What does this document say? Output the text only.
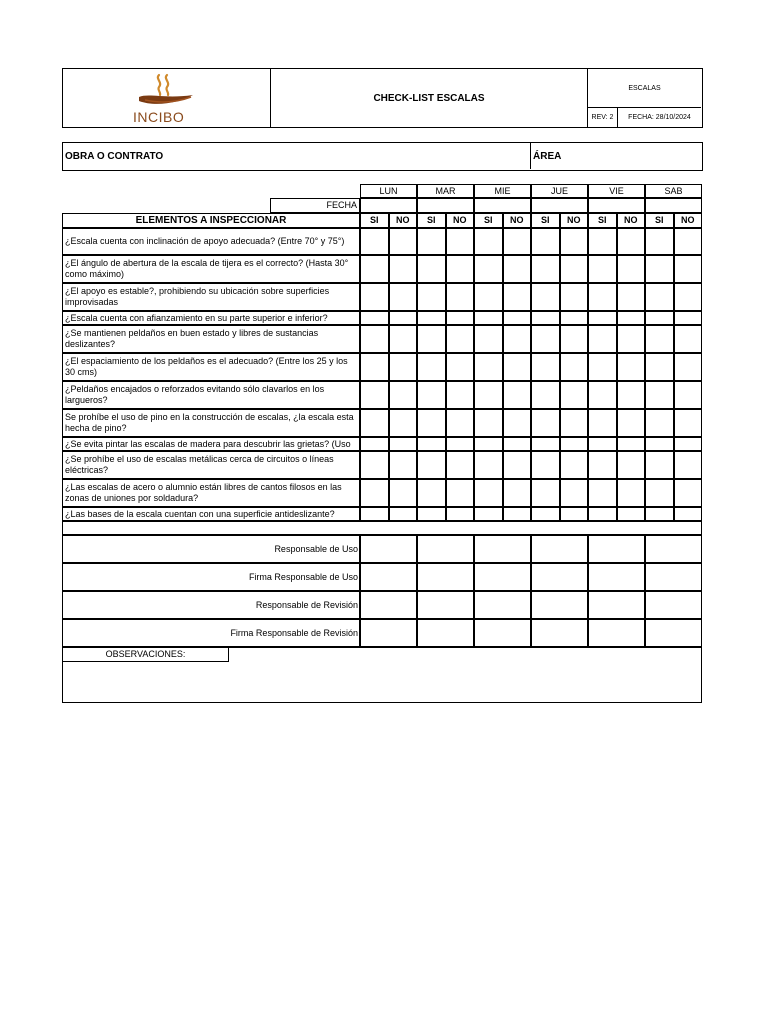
INCIBO
CHECK-LIST ESCALAS
ESCALAS
REV: 2	FECHA: 28/10/2024
OBRA O CONTRATO	ÁREA
LUN	MAR	MIE	JUE	VIE	SAB
FECHA
ELEMENTOS A INSPECCIONAR	SI	NO	SI	NO	SI	NO	SI	NO	SI	NO	SI	NO
¿Escala cuenta con inclinación de apoyo adecuada? (Entre 70° y 75°)
¿El ángulo de abertura de la escala de tijera es el correcto? (Hasta 30° como máximo)
¿El apoyo es estable?, prohibiendo su ubicación sobre superficies improvisadas
¿Escala cuenta con afianzamiento en su parte superior e inferior?
¿Se mantienen peldaños en buen estado y libres de sustancias deslizantes?
¿El espaciamiento de los peldaños es el adecuado? (Entre los 25 y los 30 cms)
¿Peldaños encajados o reforzados evitando sólo clavarlos en los largueros?
Se prohíbe el uso de pino en la construcción de escalas, ¿la escala esta hecha de pino?
¿Se evita pintar las escalas de madera para descubrir las grietas? (Uso
¿Se prohíbe el uso de escalas metálicas cerca de circuitos o líneas eléctricas?
¿Las escalas de acero o alumnio están libres de cantos filosos en las zonas de uniones por soldadura?
¿Las bases de la escala cuentan con una superficie antideslizante?
Responsable de Uso
Firma Responsable de Uso
Responsable de Revisión
Firma Responsable de Revisión
OBSERVACIONES:
